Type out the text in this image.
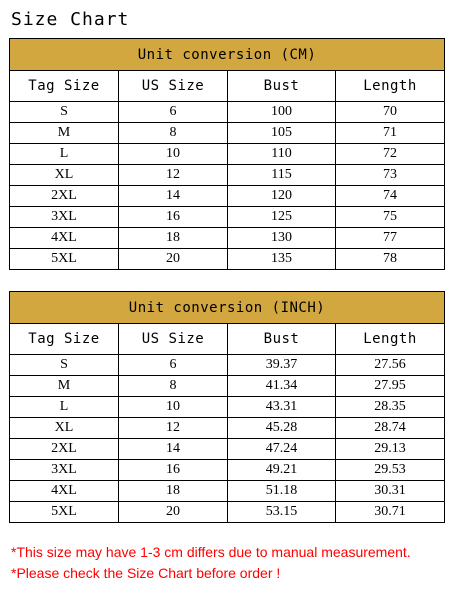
Size Chart
Unit conversion (CM)			
Tag Size	US Size	Bust	Length
S	6	100	70
M	8	105	71
L	10	110	72
XL	12	115	73
2XL	14	120	74
3XL	16	125	75
4XL	18	130	77
5XL	20	135	78
Unit conversion (INCH)			
Tag Size	US Size	Bust	Length
S	6	39.37	27.56
M	8	41.34	27.95
L	10	43.31	28.35
XL	12	45.28	28.74
2XL	14	47.24	29.13
3XL	16	49.21	29.53
4XL	18	51.18	30.31
5XL	20	53.15	30.71
*This size may have 1-3 cm differs due to manual measurement.
*Please check the Size Chart before order !
